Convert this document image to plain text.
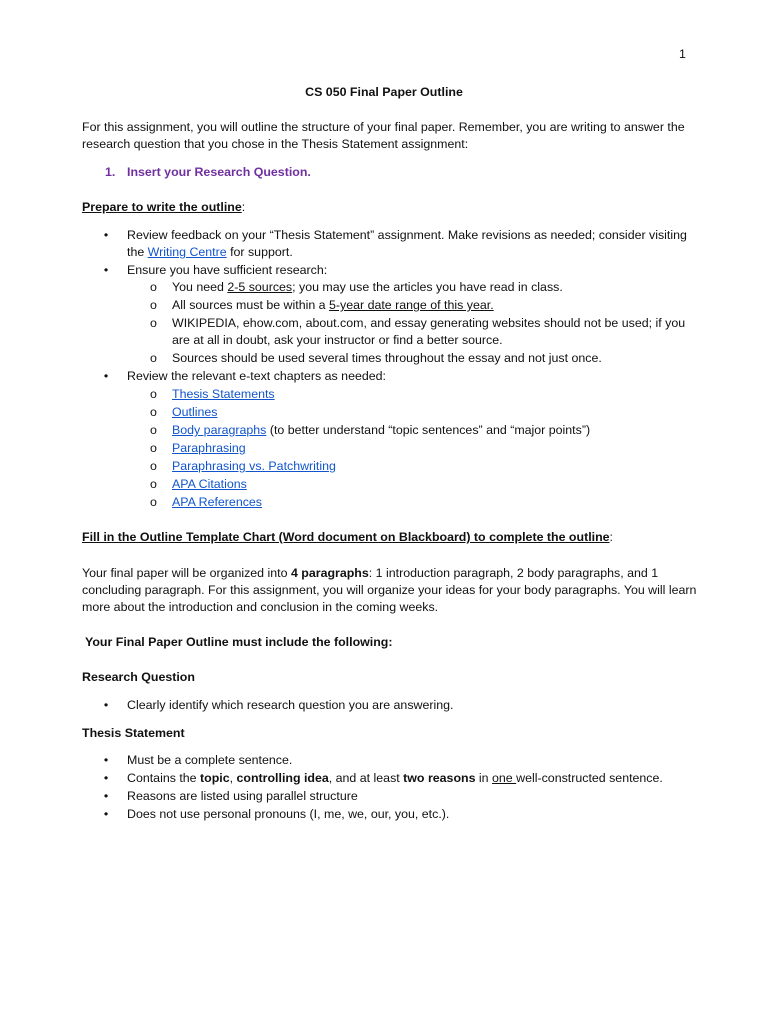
1
CS 050 Final Paper Outline
For this assignment, you will outline the structure of your final paper. Remember, you are writing to answer the research question that you chose in the Thesis Statement assignment:
1. Insert your Research Question.
Prepare to write the outline:
• Review feedback on your “Thesis Statement” assignment. Make revisions as needed; consider visiting the Writing Centre for support.
• Ensure you have sufficient research:
o You need 2-5 sources; you may use the articles you have read in class.
o All sources must be within a 5-year date range of this year.
o WIKIPEDIA, ehow.com, about.com, and essay generating websites should not be used; if you are at all in doubt, ask your instructor or find a better source.
o Sources should be used several times throughout the essay and not just once.
• Review the relevant e-text chapters as needed:
o Thesis Statements
o Outlines
o Body paragraphs (to better understand “topic sentences” and “major points”)
o Paraphrasing
o Paraphrasing vs. Patchwriting
o APA Citations
o APA References
Fill in the Outline Template Chart (Word document on Blackboard) to complete the outline:
Your final paper will be organized into 4 paragraphs: 1 introduction paragraph, 2 body paragraphs, and 1 concluding paragraph. For this assignment, you will organize your ideas for your body paragraphs. You will learn more about the introduction and conclusion in the coming weeks.
Your Final Paper Outline must include the following:
Research Question
• Clearly identify which research question you are answering.
Thesis Statement
• Must be a complete sentence.
• Contains the topic, controlling idea, and at least two reasons in one well-constructed sentence.
• Reasons are listed using parallel structure
• Does not use personal pronouns (I, me, we, our, you, etc.).
